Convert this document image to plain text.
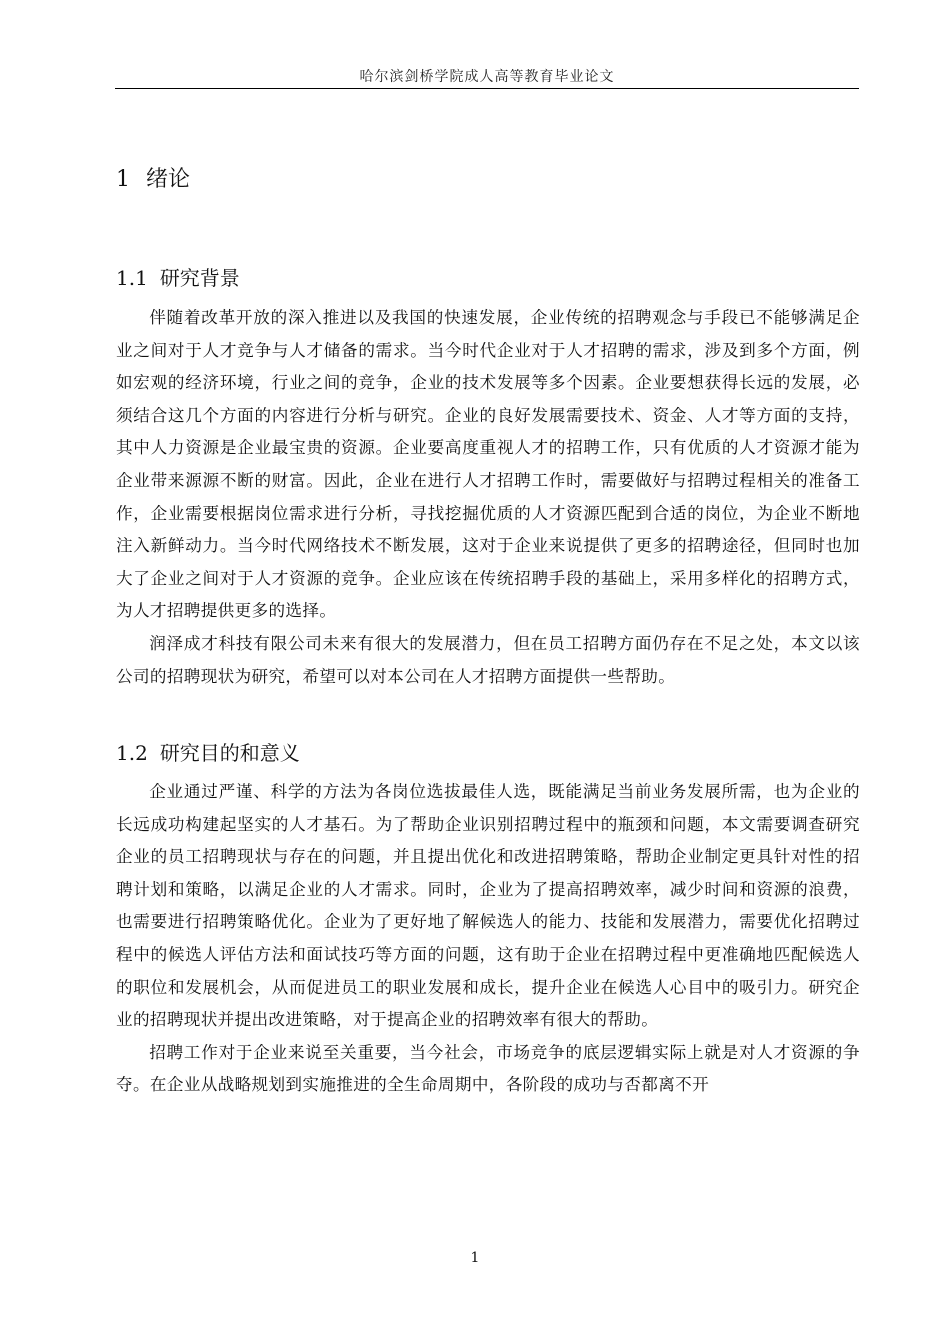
哈尔滨剑桥学院成人高等教育毕业论文
1 绪论
1.1 研究背景

伴随着改革开放的深入推进以及我国的快速发展，企业传统的招聘观念与手段已不能够满足企业之间对于人才竞争与人才储备的需求。当今时代企业对于人才招聘的需求，涉及到多个方面，例如宏观的经济环境，行业之间的竞争，企业的技术发展等多个因素。企业要想获得长远的发展，必须结合这几个方面的内容进行分析与研究。企业的良好发展需要技术、资金、人才等方面的支持，其中人力资源是企业最宝贵的资源。企业要高度重视人才的招聘工作，只有优质的人才资源才能为企业带来源源不断的财富。因此，企业在进行人才招聘工作时，需要做好与招聘过程相关的准备工作，企业需要根据岗位需求进行分析，寻找挖掘优质的人才资源匹配到合适的岗位，为企业不断地注入新鲜动力。当今时代网络技术不断发展，这对于企业来说提供了更多的招聘途径，但同时也加大了企业之间对于人才资源的竞争。企业应该在传统招聘手段的基础上，采用多样化的招聘方式，为人才招聘提供更多的选择。

润泽成才科技有限公司未来有很大的发展潜力，但在员工招聘方面仍存在不足之处，本文以该公司的招聘现状为研究，希望可以对本公司在人才招聘方面提供一些帮助。

1.2 研究目的和意义

企业通过严谨、科学的方法为各岗位选拔最佳人选，既能满足当前业务发展所需，也为企业的长远成功构建起坚实的人才基石。为了帮助企业识别招聘过程中的瓶颈和问题，本文需要调查研究企业的员工招聘现状与存在的问题，并且提出优化和改进招聘策略，帮助企业制定更具针对性的招聘计划和策略，以满足企业的人才需求。同时，企业为了提高招聘效率，减少时间和资源的浪费，也需要进行招聘策略优化。企业为了更好地了解候选人的能力、技能和发展潜力，需要优化招聘过程中的候选人评估方法和面试技巧等方面的问题，这有助于企业在招聘过程中更准确地匹配候选人的职位和发展机会，从而促进员工的职业发展和成长，提升企业在候选人心目中的吸引力。研究企业的招聘现状并提出改进策略，对于提高企业的招聘效率有很大的帮助。

招聘工作对于企业来说至关重要，当今社会，市场竞争的底层逻辑实际上就是对人才资源的争夺。在企业从战略规划到实施推进的全生命周期中，各阶段的成功与否都离不开

1
